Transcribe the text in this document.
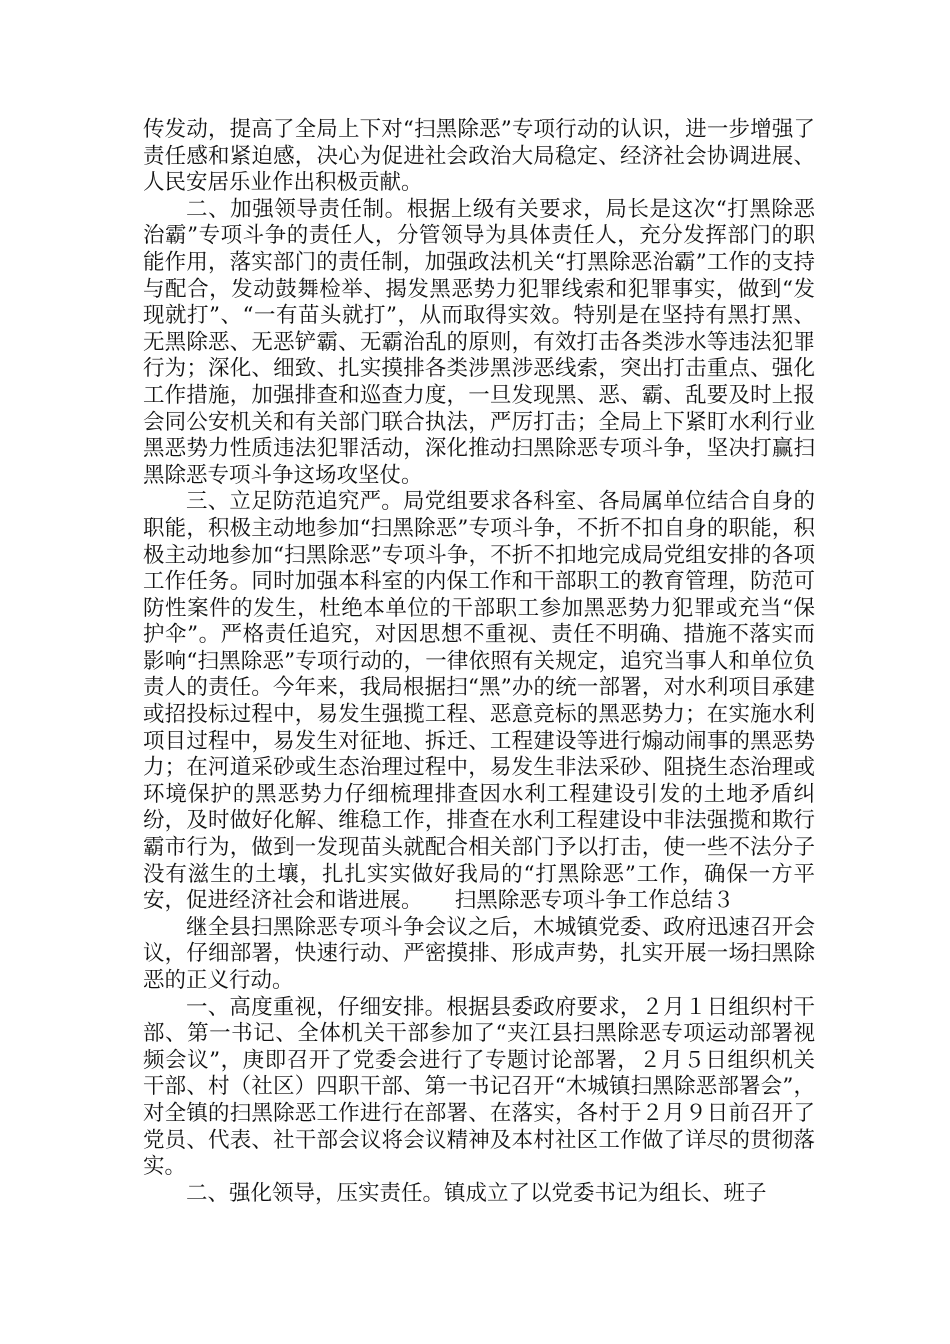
传发动，提高了全局上下对“扫黑除恶”专项行动的认识，进一步增强了责任感和紧迫感，决心为促进社会政治大局稳定、经济社会协调进展、人民安居乐业作出积极贡献。

二、加强领导责任制。根据上级有关要求，局长是这次“打黑除恶治霸”专项斗争的责任人，分管领导为具体责任人，充分发挥部门的职能作用，落实部门的责任制，加强政法机关“打黑除恶治霸”工作的支持与配合，发动鼓舞检举、揭发黑恶势力犯罪线索和犯罪事实，做到“发现就打”、“一有苗头就打”，从而取得实效。特别是在坚持有黑打黑、无黑除恶、无恶铲霸、无霸治乱的原则，有效打击各类涉水等违法犯罪行为；深化、细致、扎实摸排各类涉黑涉恶线索，突出打击重点、强化工作措施，加强排查和巡查力度，一旦发现黑、恶、霸、乱要及时上报会同公安机关和有关部门联合执法，严厉打击；全局上下紧盯水利行业黑恶势力性质违法犯罪活动，深化推动扫黑除恶专项斗争，坚决打赢扫黑除恶专项斗争这场攻坚仗。

三、立足防范追究严。局党组要求各科室、各局属单位结合自身的职能，积极主动地参加“扫黑除恶”专项斗争，不折不扣自身的职能，积极主动地参加“扫黑除恶”专项斗争，不折不扣地完成局党组安排的各项工作任务。同时加强本科室的内保工作和干部职工的教育管理，防范可防性案件的发生，杜绝本单位的干部职工参加黑恶势力犯罪或充当“保护伞”。严格责任追究，对因思想不重视、责任不明确、措施不落实而影响“扫黑除恶”专项行动的，一律依照有关规定，追究当事人和单位负责人的责任。今年来，我局根据扫“黑”办的统一部署，对水利项目承建或招投标过程中，易发生强揽工程、恶意竞标的黑恶势力；在实施水利项目过程中，易发生对征地、拆迁、工程建设等进行煽动闹事的黑恶势力；在河道采砂或生态治理过程中，易发生非法采砂、阻挠生态治理或环境保护的黑恶势力仔细梳理排查因水利工程建设引发的土地矛盾纠纷，及时做好化解、维稳工作，排查在水利工程建设中非法强揽和欺行霸市行为，做到一发现苗头就配合相关部门予以打击，使一些不法分子没有滋生的土壤，扎扎实实做好我局的“打黑除恶”工作，确保一方平安，促进经济社会和谐进展。　　扫黑除恶专项斗争工作总结３

继全县扫黑除恶专项斗争会议之后，木城镇党委、政府迅速召开会议，仔细部署，快速行动、严密摸排、形成声势，扎实开展一场扫黑除恶的正义行动。

一、高度重视，仔细安排。根据县委政府要求，２月１日组织村干部、第一书记、全体机关干部参加了“夹江县扫黑除恶专项运动部署视频会议”，庚即召开了党委会进行了专题讨论部署，２月５日组织机关干部、村（社区）四职干部、第一书记召开“木城镇扫黑除恶部署会”，对全镇的扫黑除恶工作进行在部署、在落实，各村于２月９日前召开了党员、代表、社干部会议将会议精神及本村社区工作做了详尽的贯彻落实。

二、强化领导，压实责任。镇成立了以党委书记为组长、班子
